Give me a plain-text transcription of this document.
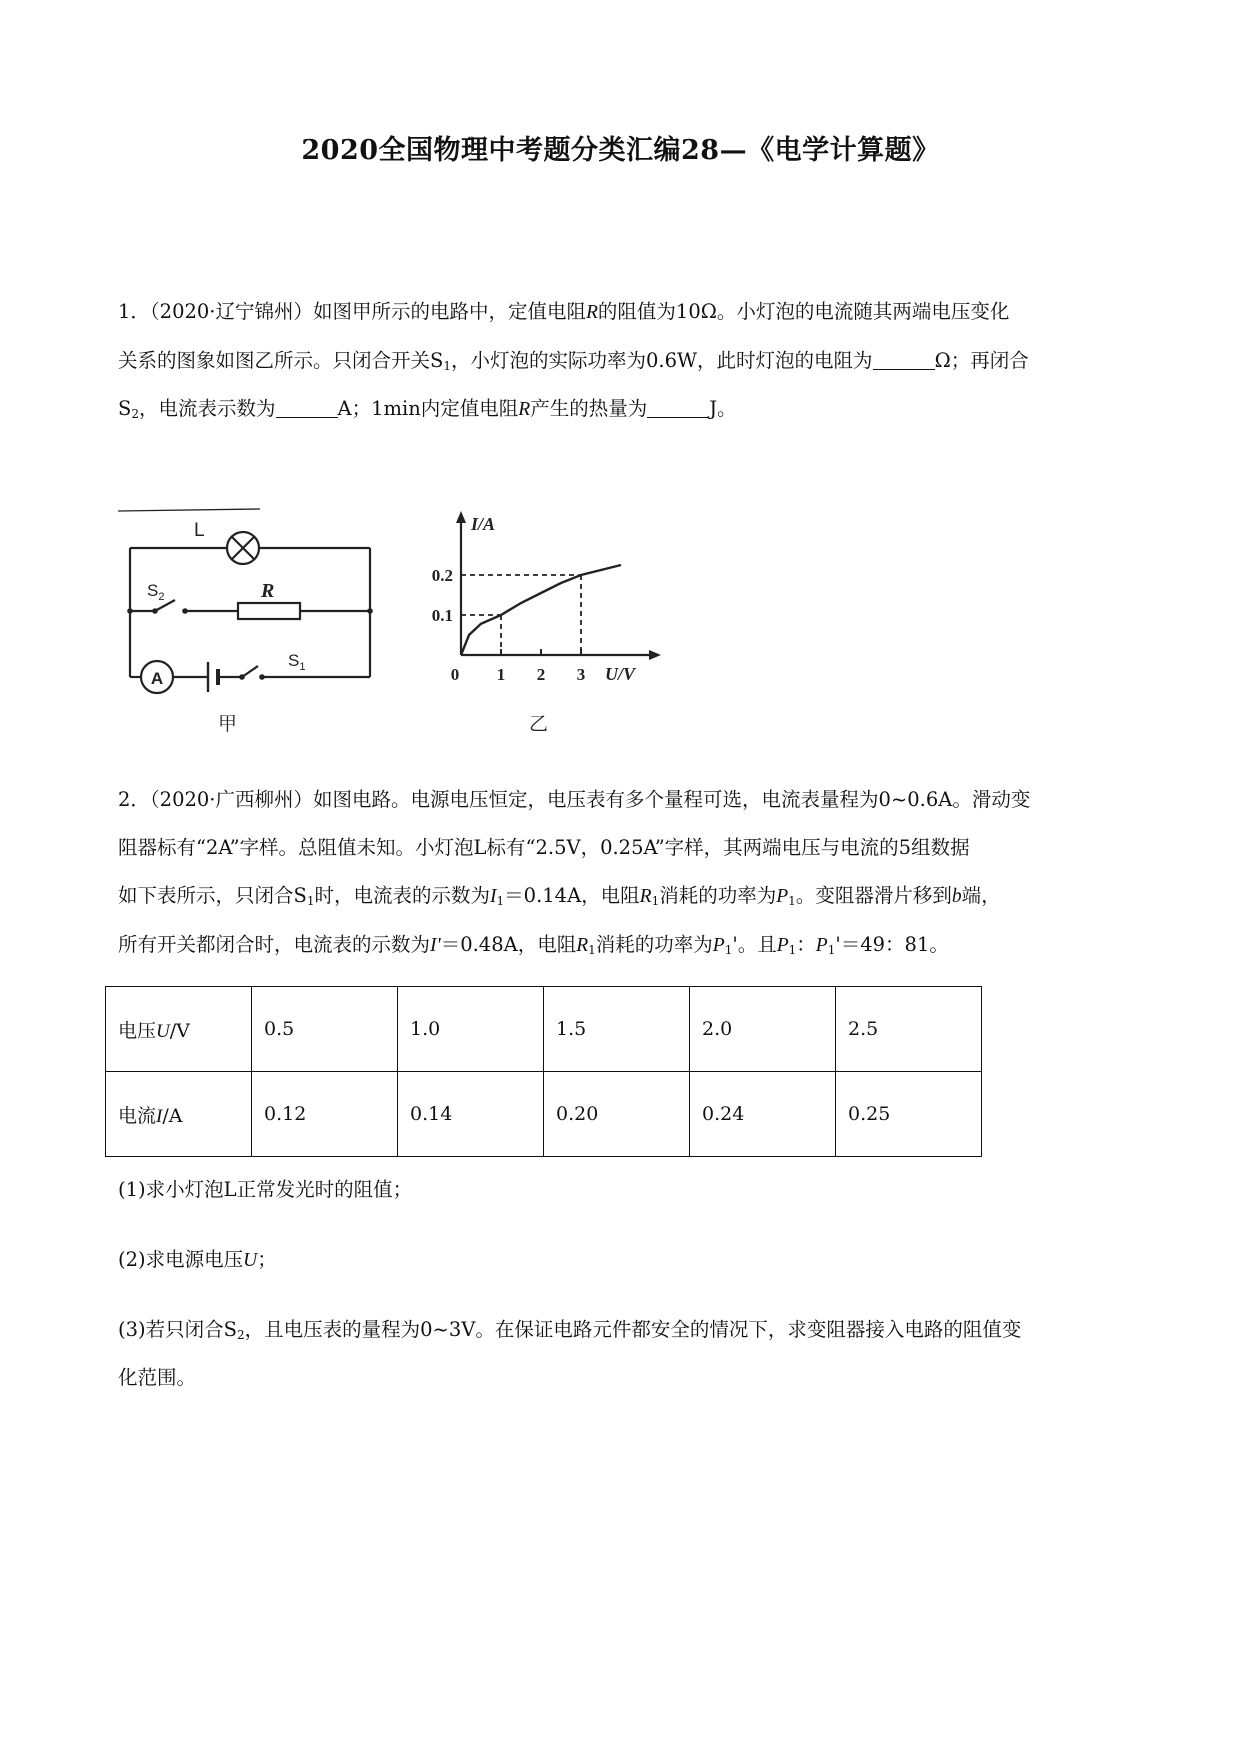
2020全国物理中考题分类汇编28—《电学计算题》
1．（2020·辽宁锦州）如图甲所示的电路中，定值电阻R的阻值为10Ω。小灯泡的电流随其两端电压变化
关系的图象如图乙所示。只闭合开关$S_1$，小灯泡的实际功率为0.6W，此时灯泡的电阻为	Ω；再闭合
$S_2$，电流表示数为	A；1min内定值电阻R产生的热量为	J。
A
L
$S_2$	R
$S_1$
甲
1 2 3
0.2
0.1
I/A
U/V
0
乙
2．（2020·广西柳州）如图电路。电源电压恒定，电压表有多个量程可选，电流表量程为0~0.6A。滑动变
阻器标有“2A”字样。总阻值未知。小灯泡L标有“2.5V，0.25A”字样，其两端电压与电流的5组数据
如下表所示，只闭合$S_1$时，电流表的示数为$I_1=0.14A$，电阻$R_1$消耗的功率为$P_1$。变阻器滑片移到b端，
所有开关都闭合时，电流表的示数为I'＝0.48A，电阻$R_1$消耗的功率为$P_1'$。且$P_1$：$P_1'=49$：81。
电压U/V	0.5	1.0	1.5	2.0	2.5
电流I/A	0.12	0.14	0.20	0.24	0.25
(1)求小灯泡L正常发光时的阻值；
(2)求电源电压U；
(3)若只闭合$S_2$，且电压表的量程为0~3V。在保证电路元件都安全的情况下，求变阻器接入电路的阻值变
化范围。
